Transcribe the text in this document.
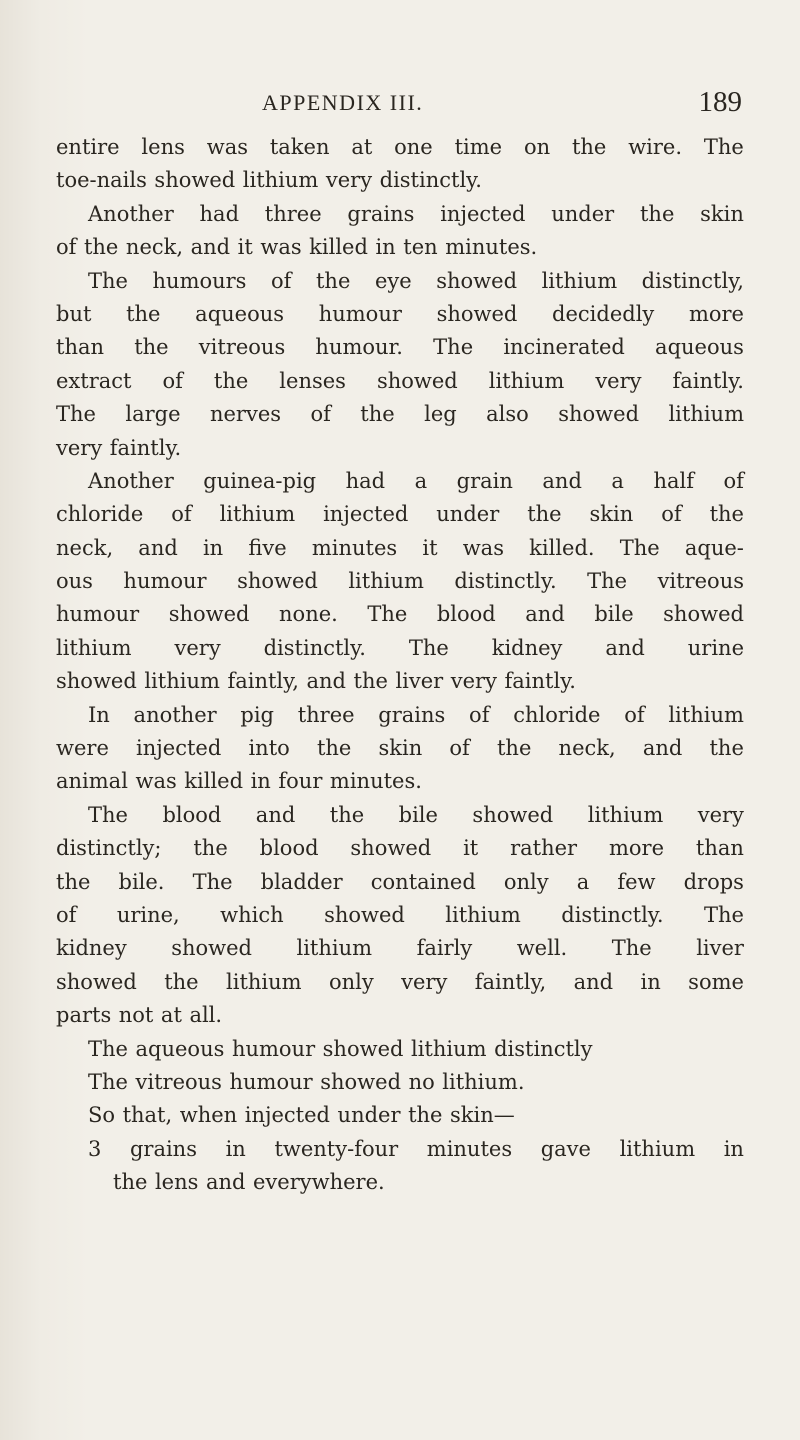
APPENDIX III.	189
entire lens was taken at one time on the wire. The
toe-nails showed lithium very distinctly.
Another had three grains injected under the skin
of the neck, and it was killed in ten minutes.
The humours of the eye showed lithium distinctly,
but the aqueous humour showed decidedly more
than the vitreous humour. The incinerated aqueous
extract of the lenses showed lithium very faintly.
The large nerves of the leg also showed lithium
very faintly.
Another guinea-pig had a grain and a half of
chloride of lithium injected under the skin of the
neck, and in five minutes it was killed. The aque-
ous humour showed lithium distinctly. The vitreous
humour showed none. The blood and bile showed
lithium very distinctly. The kidney and urine
showed lithium faintly, and the liver very faintly.
In another pig three grains of chloride of lithium
were injected into the skin of the neck, and the
animal was killed in four minutes.
The blood and the bile showed lithium very
distinctly; the blood showed it rather more than
the bile. The bladder contained only a few drops
of urine, which showed lithium distinctly. The
kidney showed lithium fairly well. The liver
showed the lithium only very faintly, and in some
parts not at all.
The aqueous humour showed lithium distinctly
The vitreous humour showed no lithium.
So that, when injected under the skin—
3 grains in twenty-four minutes gave lithium in
the lens and everywhere.
